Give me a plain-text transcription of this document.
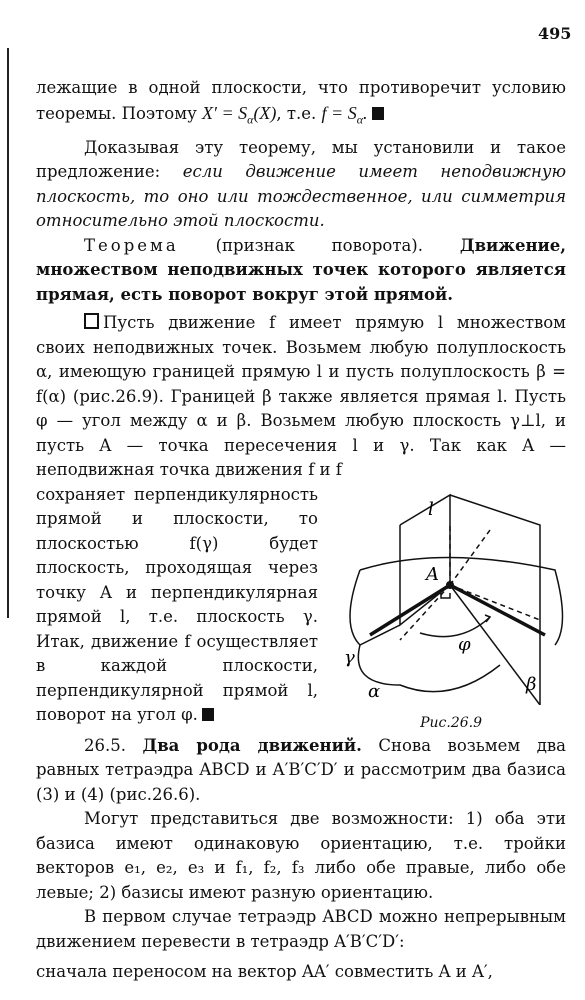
495

лежащие в одной плоскости, что противоречит условию теоремы. Поэтому $X' = S_\alpha(X)$, т.е. $f = S_\alpha$.

Доказывая эту теорему, мы установили и такое предложение: если движение имеет неподвижную плоскость, то оно или тождественное, или симметрия относительно этой плоскости.

Теорема (признак поворота). Движение, множеством неподвижных точек которого является прямая, есть поворот вокруг этой прямой.

Пусть движение f имеет прямую l множеством своих неподвижных точек. Возьмем любую полуплоскость α, имеющую границей прямую l и пусть полуплоскость β = f(α) (рис.26.9). Границей β также является прямая l. Пусть φ — угол между α и β. Возьмем любую плоскость γ⊥l, и пусть A — точка пересечения l и γ. Так как A — неподвижная точка движения f и f

сохраняет перпендикулярность прямой и плоскости, то плоскостью f(γ) будет плоскость, проходящая через точку A и перпендикулярная прямой l, т.е. плоскость γ. Итак, движение f осуществляет в каждой плоскости, перпендикулярной прямой l, поворот на угол φ.

l
A
γ
φ
α	β
Рис.26.9

26.5. Два рода движений. Снова возьмем два равных тетраэдра ABCD и A′B′C′D′ и рассмотрим два базиса (3) и (4) (рис.26.6).

Могут представиться две возможности: 1) оба эти базиса имеют одинаковую ориентацию, т.е. тройки векторов e₁, e₂, e₃ и f₁, f₂, f₃ либо обе правые, либо обе левые; 2) базисы имеют разную ориентацию.

В первом случае тетраэдр ABCD можно непрерывным движением перевести в тетраэдр A′B′C′D′:

сначала переносом на вектор AA′ совместить A и A′,
